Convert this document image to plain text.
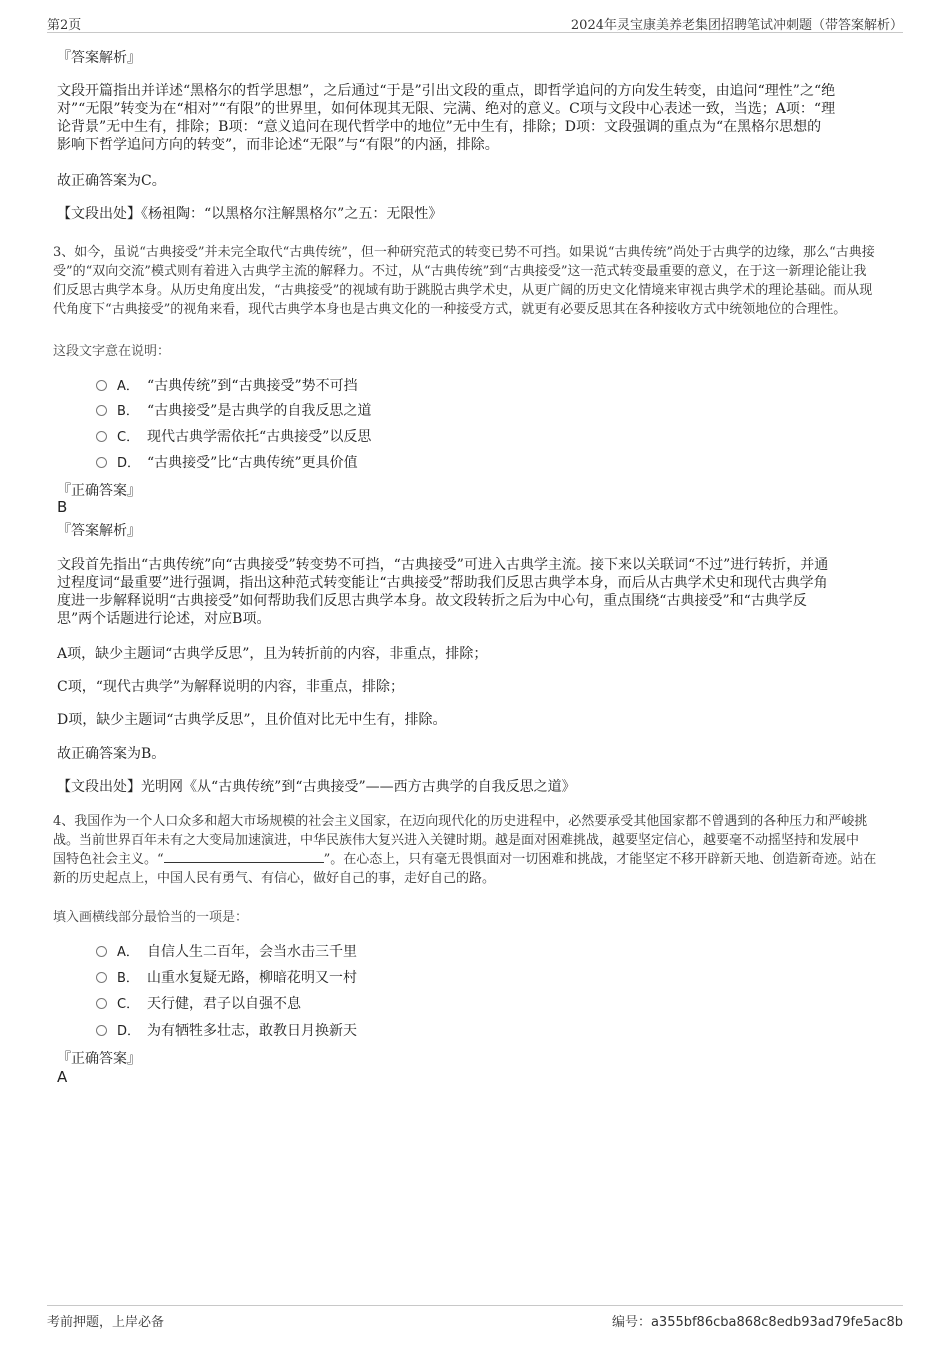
第2页	2024年灵宝康美养老集团招聘笔试冲刺题（带答案解析）
『答案解析』
文段开篇指出并详述“黑格尔的哲学思想”，之后通过“于是”引出文段的重点，即哲学追问的方向发生转变，由追问“理性”之“绝
对”“无限”转变为在“相对”“有限”的世界里，如何体现其无限、完满、绝对的意义。C项与文段中心表述一致，当选；A项：“理
论背景”无中生有，排除；B项：“意义追问在现代哲学中的地位”无中生有，排除；D项：文段强调的重点为“在黑格尔思想的
影响下哲学追问方向的转变”，而非论述“无限”与“有限”的内涵，排除。
故正确答案为C。
【文段出处】《杨祖陶：“以黑格尔注解黑格尔”之五：无限性》
3、如今，虽说“古典接受”并未完全取代“古典传统”，但一种研究范式的转变已势不可挡。如果说“古典传统”尚处于古典学的边缘，那么“古典接
受”的“双向交流”模式则有着进入古典学主流的解释力。不过，从“古典传统”到“古典接受”这一范式转变最重要的意义，在于这一新理论能让我
们反思古典学本身。从历史角度出发，“古典接受”的视域有助于跳脱古典学术史，从更广阔的历史文化情境来审视古典学术的理论基础。而从现
代角度下“古典接受”的视角来看，现代古典学本身也是古典文化的一种接受方式，就更有必要反思其在各种接收方式中统领地位的合理性。
这段文字意在说明：
A． “古典传统”到“古典接受”势不可挡
B． “古典接受”是古典学的自我反思之道
C． 现代古典学需依托“古典接受”以反思
D． “古典接受”比“古典传统”更具价值
『正确答案』
B
『答案解析』
文段首先指出“古典传统”向“古典接受”转变势不可挡，“古典接受”可进入古典学主流。接下来以关联词“不过”进行转折，并通
过程度词“最重要”进行强调，指出这种范式转变能让“古典接受”帮助我们反思古典学本身，而后从古典学术史和现代古典学角
度进一步解释说明“古典接受”如何帮助我们反思古典学本身。故文段转折之后为中心句，重点围绕“古典接受”和“古典学反
思”两个话题进行论述，对应B项。
A项，缺少主题词“古典学反思”，且为转折前的内容，非重点，排除；
C项，“现代古典学”为解释说明的内容，非重点，排除；
D项，缺少主题词“古典学反思”，且价值对比无中生有，排除。
故正确答案为B。
【文段出处】光明网《从“古典传统”到“古典接受”——西方古典学的自我反思之道》
4、我国作为一个人口众多和超大市场规模的社会主义国家，在迈向现代化的历史进程中，必然要承受其他国家都不曾遇到的各种压力和严峻挑
战。当前世界百年未有之大变局加速演进，中华民族伟大复兴进入关键时期。越是面对困难挑战，越要坚定信心，越要毫不动摇坚持和发展中
国特色社会主义。“	”。在心态上，只有毫无畏惧面对一切困难和挑战，才能坚定不移开辟新天地、创造新奇迹。站在
新的历史起点上，中国人民有勇气、有信心，做好自己的事，走好自己的路。
填入画横线部分最恰当的一项是：
A． 自信人生二百年，会当水击三千里
B． 山重水复疑无路，柳暗花明又一村
C． 天行健，君子以自强不息
D． 为有牺牲多壮志，敢教日月换新天
『正确答案』
A
考前押题，上岸必备	编号：a355bf86cba868c8edb93ad79fe5ac8b
